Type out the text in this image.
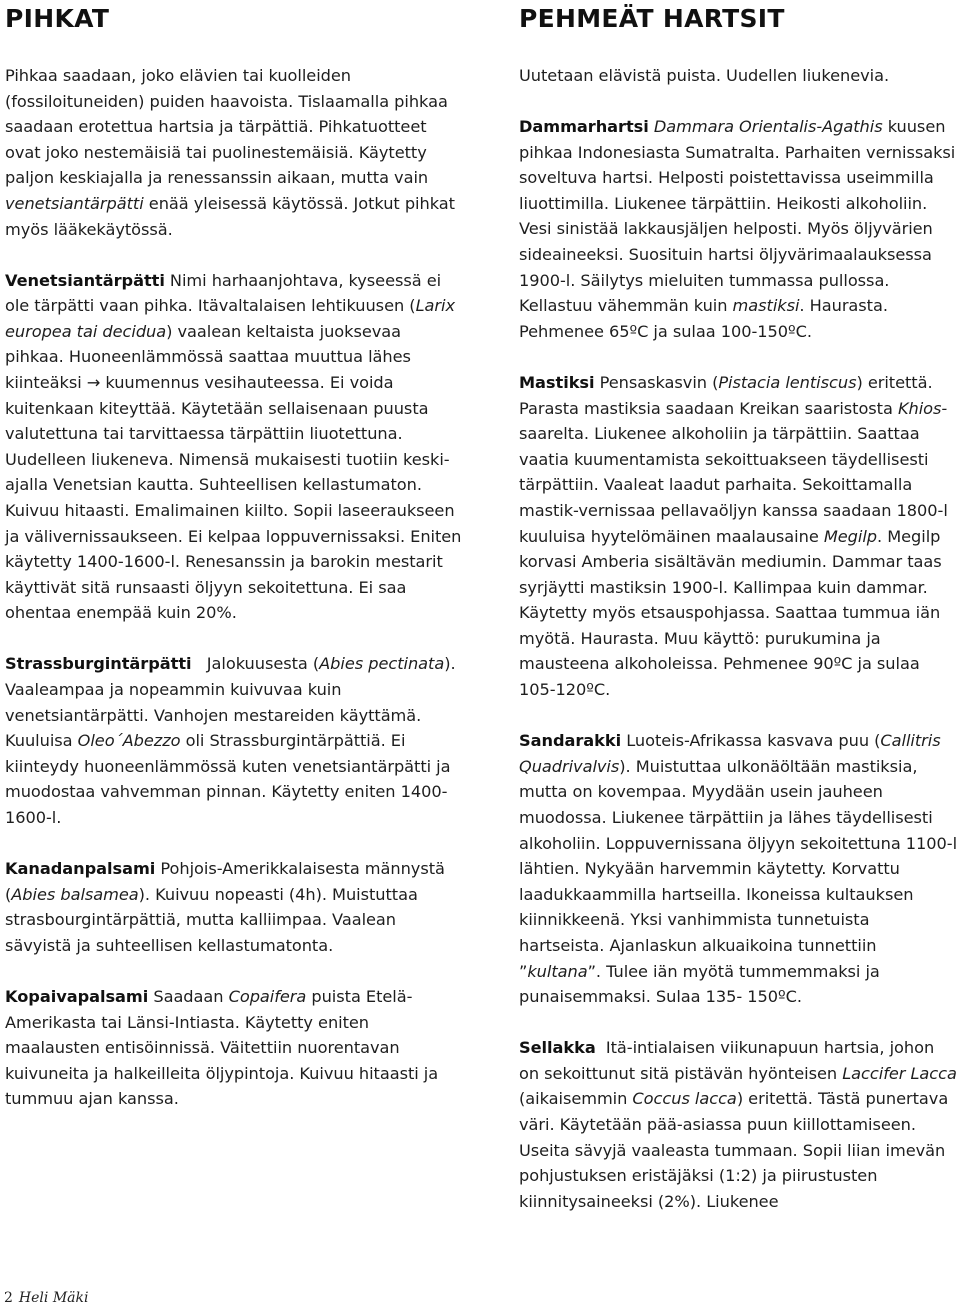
PIHKAT

Pihkaa saadaan, joko elävien tai kuolleiden (fossiloituneiden) puiden haavoista. Tislaamalla pihkaa saadaan erotettua hartsia ja tärpättiä. Pihkatuotteet ovat joko nestemäisiä tai puolinestemäisiä. Käytetty paljon keskiajalla ja renessanssin aikaan, mutta vain venetsiantärpätti enää yleisessä käytössä. Jotkut pihkat myös lääkekäytössä.

Venetsiantärpätti Nimi harhaanjohtava, kyseessä ei ole tärpätti vaan pihka. Itävaltalaisen lehtikuusen (Larix europea tai decidua) vaalean keltaista juoksevaa pihkaa. Huoneenlämmössä saattaa muuttua lähes kiinteäksi → kuumennus vesihauteessa. Ei voida kuitenkaan kiteyttää. Käytetään sellaisenaan puusta valutettuna tai tarvittaessa tärpättiin liuotettuna. Uudelleen liukeneva. Nimensä mukaisesti tuotiin keski-ajalla Venetsian kautta. Suhteellisen kellastumaton. Kuivuu hitaasti. Emalimainen kiilto. Sopii laseeraukseen ja välivernissaukseen. Ei kelpaa loppuvernissaksi. Eniten käytetty 1400-1600-l. Renesanssin ja barokin mestarit käyttivät sitä runsaasti öljyyn sekoitettuna. Ei saa ohentaa enempää kuin 20%.

Strassburgintärpätti   Jalokuusesta (Abies pectinata). Vaaleampaa ja nopeammin kuivuvaa kuin venetsiantärpätti. Vanhojen mestareiden käyttämä. Kuuluisa Oleo´Abezzo oli Strassburgintärpättiä. Ei kiinteydy huoneenlämmössä kuten venetsiantärpätti ja muodostaa vahvemman pinnan. Käytetty eniten 1400-1600-l.

Kanadanpalsami Pohjois-Amerikkalaisesta männystä (Abies balsamea). Kuivuu nopeasti (4h). Muistuttaa strasbourgintärpättiä, mutta kalliimpaa. Vaalean sävyistä ja suhteellisen kellastumatonta.

Kopaivapalsami Saadaan Copaifera puista Etelä-Amerikasta tai Länsi-Intiasta. Käytetty eniten maalausten entisöinnissä. Väitettiin nuorentavan kuivuneita ja halkeilleita öljypintoja. Kuivuu hitaasti ja tummuu ajan kanssa.

PEHMEÄT HARTSIT

Uutetaan elävistä puista. Uudellen liukenevia.

Dammarhartsi Dammara Orientalis-Agathis kuusen pihkaa Indonesiasta Sumatralta. Parhaiten vernissaksi soveltuva hartsi. Helposti poistettavissa useimmilla liuottimilla. Liukenee tärpättiin. Heikosti alkoholiin. Vesi sinistää lakkausjäljen helposti. Myös öljyvärien sideaineeksi. Suosituin hartsi öljyvärimaalauksessa 1900-l. Säilytys mieluiten tummassa pullossa. Kellastuu vähemmän kuin mastiksi. Haurasta. Pehmenee 65ºC ja sulaa 100-150ºC.

Mastiksi Pensaskasvin (Pistacia lentiscus) eritettä. Parasta mastiksia saadaan Kreikan saaristosta Khios-saarelta. Liukenee alkoholiin ja tärpättiin. Saattaa vaatia kuumentamista sekoittuakseen täydellisesti tärpättiin. Vaaleat laadut parhaita. Sekoittamalla mastik-vernissaa pellavaöljyn kanssa saadaan 1800-l kuuluisa hyytelömäinen maalausaine Megilp. Megilp korvasi Amberia sisältävän mediumin. Dammar taas syrjäytti mastiksin 1900-l. Kallimpaa kuin dammar. Käytetty myös etsauspohjassa. Saattaa tummua iän myötä. Haurasta. Muu käyttö: purukumina ja mausteena alkoholeissa. Pehmenee 90ºC ja sulaa 105-120ºC.

Sandarakki Luoteis-Afrikassa kasvava puu (Callitris Quadrivalvis). Muistuttaa ulkonäöltään mastiksia, mutta on kovempaa. Myydään usein jauheen muodossa. Liukenee tärpättiin ja lähes täydellisesti alkoholiin. Loppuvernissana öljyyn sekoitettuna 1100-l lähtien. Nykyään harvemmin käytetty. Korvattu laadukkaammilla hartseilla. Ikoneissa kultauksen kiinnikkeenä. Yksi vanhimmista tunnetuista hartseista. Ajanlaskun alkuaikoina tunnettiin ”kultana”. Tulee iän myötä tummemmaksi ja punaisemmaksi. Sulaa 135- 150ºC.

Sellakka  Itä-intialaisen viikunapuun hartsia, johon on sekoittunut sitä pistävän hyönteisen Laccifer Lacca (aikaisemmin Coccus lacca) eritettä. Tästä punertava väri. Käytetään pää-asiassa puun kiillottamiseen. Useita sävyjä vaaleasta tummaan. Sopii liian imevän pohjustuksen eristäjäksi (1:2) ja piirustusten kiinnitysaineeksi (2%). Liukenee

2 Heli Mäki
